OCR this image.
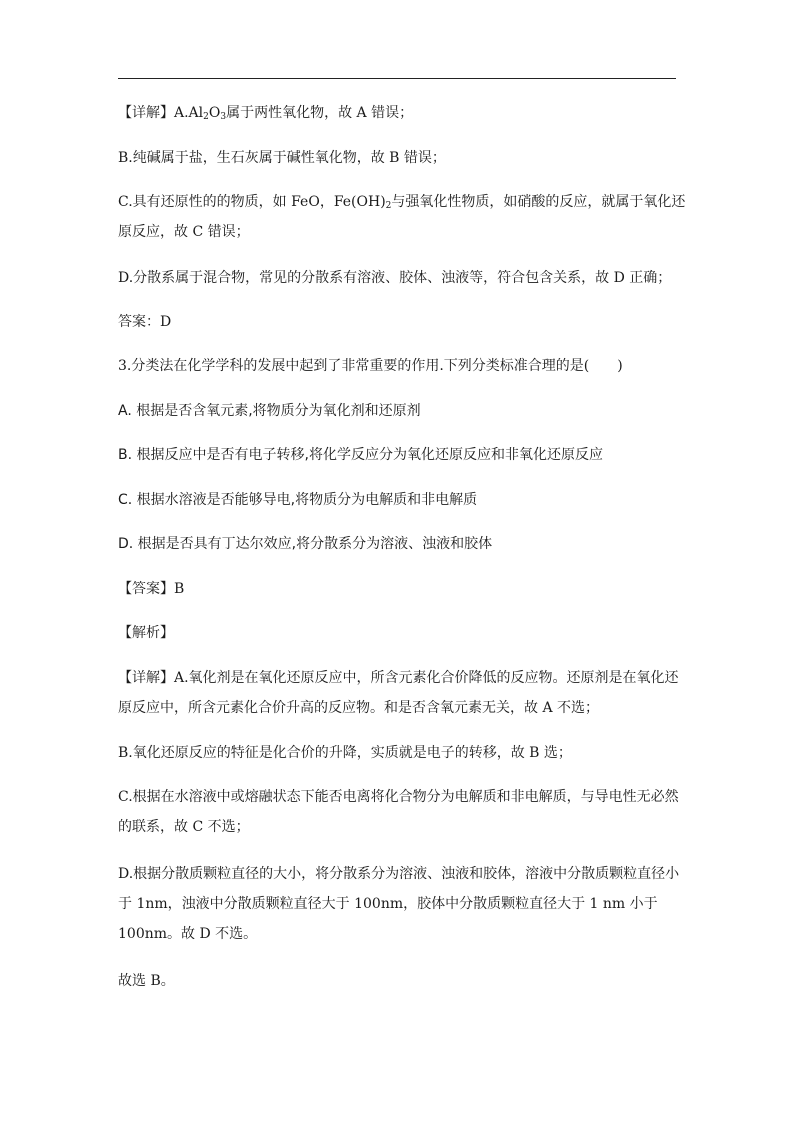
【详解】$A.Al_2O_3$属于两性氧化物，故 A 错误；
B.纯碱属于盐，生石灰属于碱性氧化物，故 B 错误；
C.具有还原性的的物质，如 FeO，$Fe(OH)_2$与强氧化性物质，如硝酸的反应，就属于氧化还
原反应，故 C 错误；
D.分散系属于混合物，常见的分散系有溶液、胶体、浊液等，符合包含关系，故 D 正确；
答案：D
3.分类法在化学学科的发展中起到了非常重要的作用.下列分类标准合理的是(　　)
A. 根据是否含氧元素,将物质分为氧化剂和还原剂
B. 根据反应中是否有电子转移,将化学反应分为氧化还原反应和非氧化还原反应
C. 根据水溶液是否能够导电,将物质分为电解质和非电解质
D. 根据是否具有丁达尔效应,将分散系分为溶液、浊液和胶体
【答案】B
【解析】
【详解】A.氧化剂是在氧化还原反应中，所含元素化合价降低的反应物。还原剂是在氧化还
原反应中，所含元素化合价升高的反应物。和是否含氧元素无关，故 A 不选；
B.氧化还原反应的特征是化合价的升降，实质就是电子的转移，故 B 选；
C.根据在水溶液中或熔融状态下能否电离将化合物分为电解质和非电解质，与导电性无必然
的联系，故 C 不选；
D.根据分散质颗粒直径的大小，将分散系分为溶液、浊液和胶体，溶液中分散质颗粒直径小
于 1nm，浊液中分散质颗粒直径大于 100nm，胶体中分散质颗粒直径大于 1 nm 小于
100nm。故 D 不选。
故选 B。
